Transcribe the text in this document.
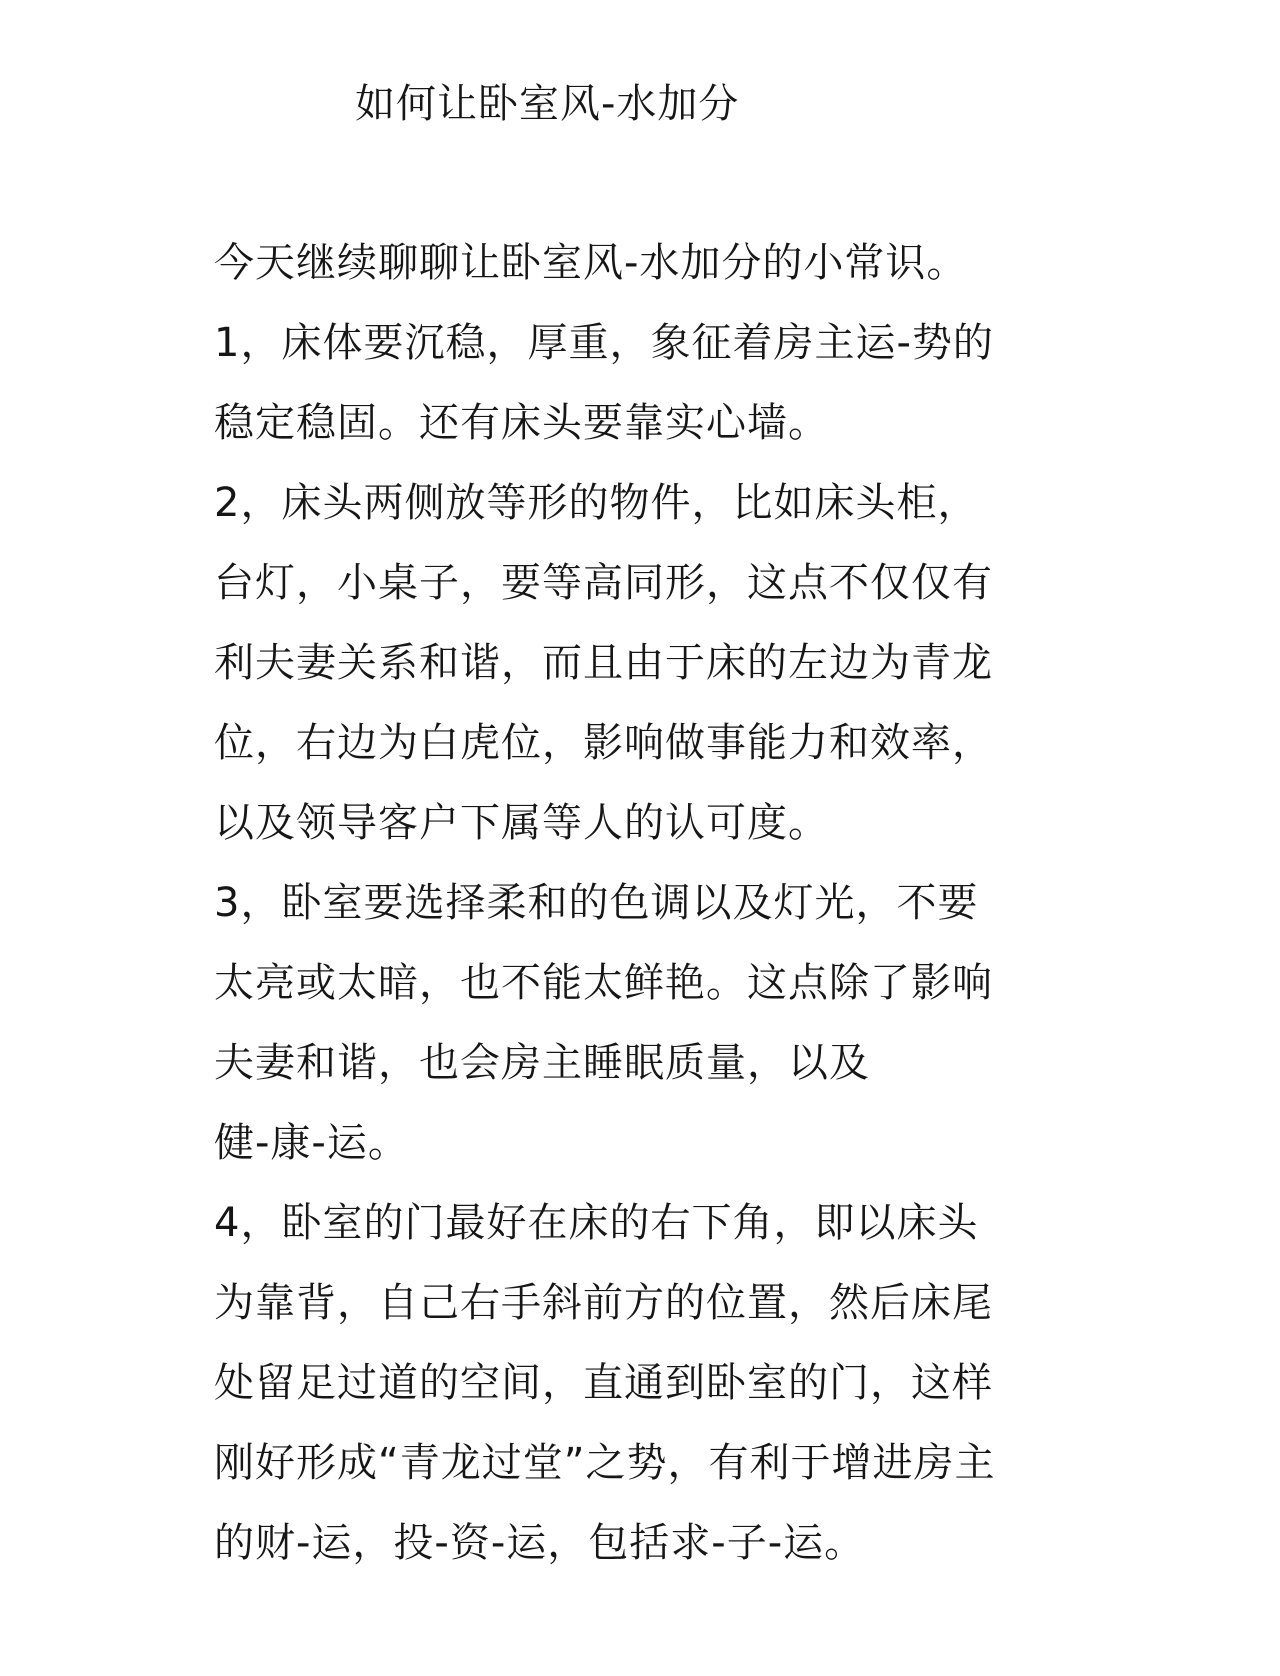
如何让卧室风-水加分
今天继续聊聊让卧室风-水加分的小常识。
1，床体要沉稳，厚重，象征着房主运-势的
稳定稳固。还有床头要靠实心墙。
2，床头两侧放等形的物件，比如床头柜，
台灯，小桌子，要等高同形，这点不仅仅有
利夫妻关系和谐，而且由于床的左边为青龙
位，右边为白虎位，影响做事能力和效率，
以及领导客户下属等人的认可度。
3，卧室要选择柔和的色调以及灯光，不要
太亮或太暗，也不能太鲜艳。这点除了影响
夫妻和谐，也会房主睡眠质量，以及
健-康-运。
4，卧室的门最好在床的右下角，即以床头
为靠背，自己右手斜前方的位置，然后床尾
处留足过道的空间，直通到卧室的门，这样
刚好形成“青龙过堂”之势，有利于增进房主
的财-运，投-资-运，包括求-子-运。
